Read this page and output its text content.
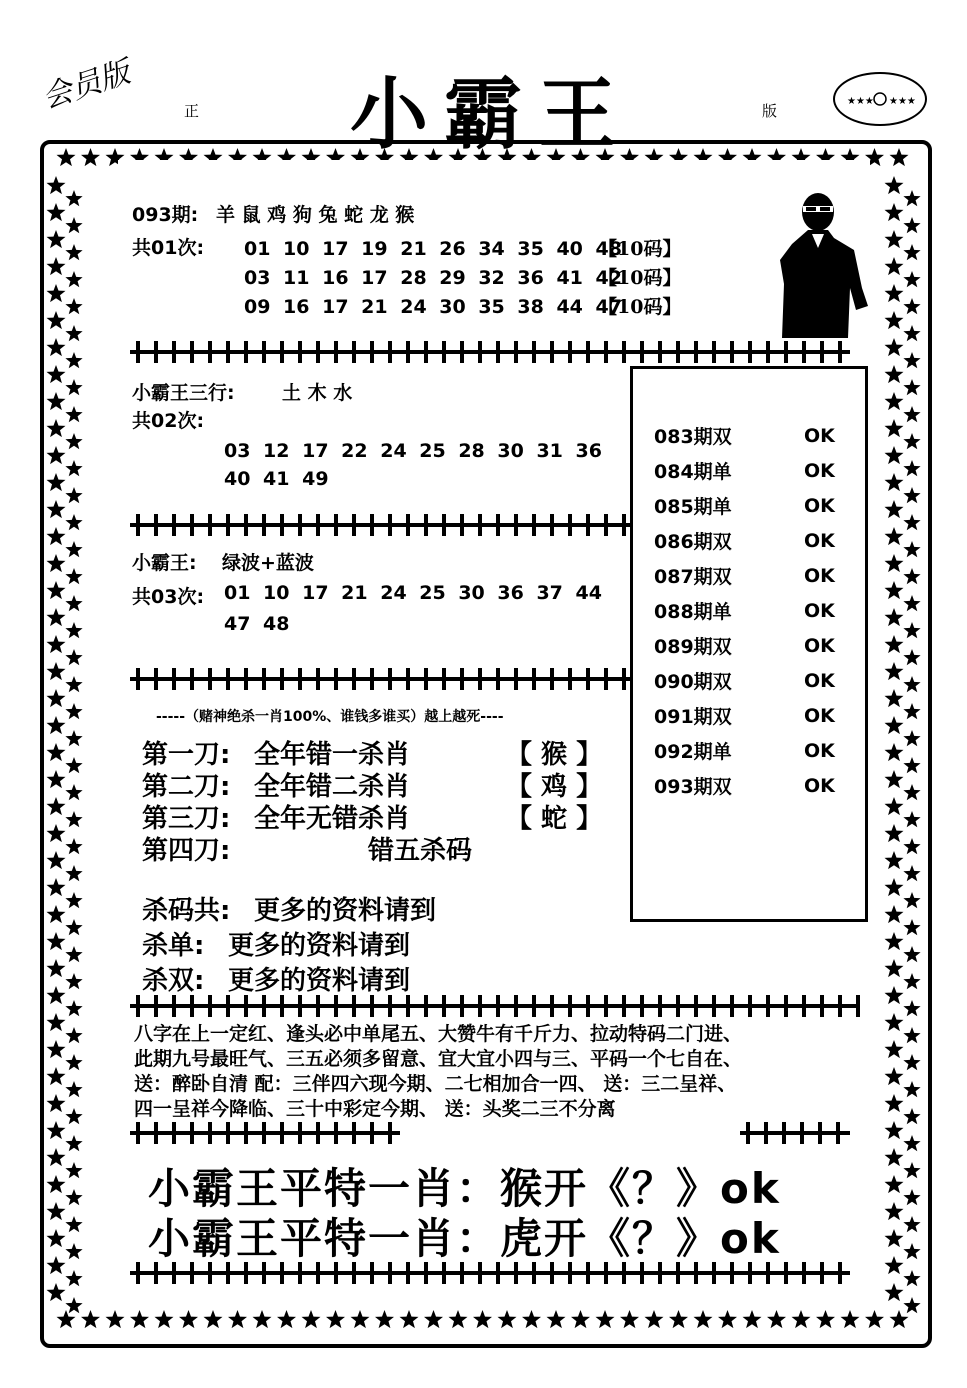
会员版	正 小霸王	版
★★★ ★★★
093期: 羊 鼠 鸡 狗 兔 蛇 龙 猴
共01次: 01 10 17 19 21 26 34 35 40 48
【10码】
03 11 16 17 28 29 32 36 41 42
【10码】
09 16 17 21 24 30 35 38 44 47
【10码】
083期双	OK
084期单	OK
085期单	OK
086期双	OK
087期双	OK
088期单	OK
089期双	OK
090期双	OK
091期双	OK
092期单	OK
093期双	OK
小霸王三行: 土 木 水
共02次:
03 12 17 22 24 25 28 30 31 36
40 41 49
小霸王: 绿波+蓝波
共03次: 01 10 17 21 24 25 30 36 37 44
47 48
-----（赌神绝杀一肖100%、谁钱多谁买）越上越死----
第一刀: 全年错一杀肖	【 猴 】
第二刀: 全年错二杀肖	【 鸡 】
第三刀: 全年无错杀肖	【 蛇 】
第四刀:	错五杀码
杀码共: 更多的资料请到
杀单: 更多的资料请到
杀双: 更多的资料请到
八字在上一定红、逢头必中单尾五、大赞牛有千斤力、拉动特码二门进、
此期九号最旺气、三五必须多留意、宜大宜小四与三、平码一个七自在、
送：醉卧自清 配：三伴四六现今期、二七相加合一四、 送：三二呈祥、
四一呈祥今降临、三十中彩定今期、 送：头奖二三不分离
小霸王平特一肖：猴开《？》ok
小霸王平特一肖：虎开《？》ok
